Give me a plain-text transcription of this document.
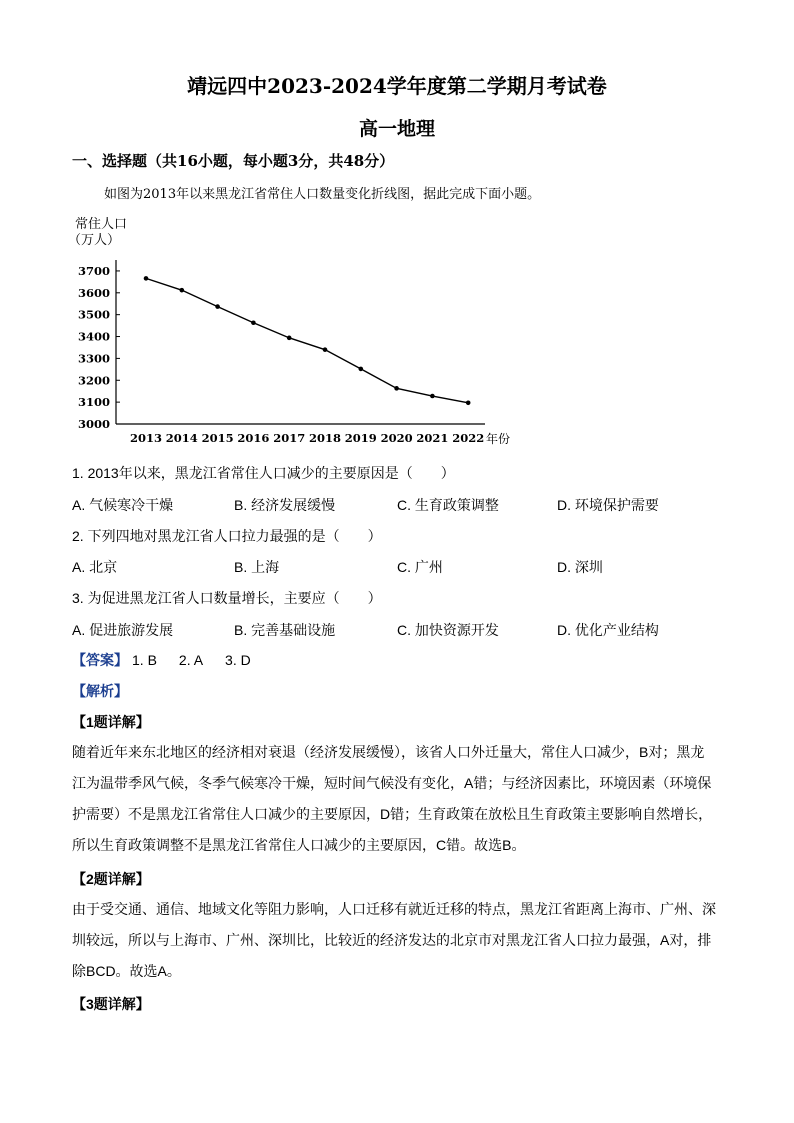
靖远四中2023-2024学年度第二学期月考试卷
高一地理
一、选择题（共16小题，每小题3分，共48分）
如图为2013年以来黑龙江省常住人口数量变化折线图，据此完成下面小题。
常住人口
（万人）
3000
3100
3200
3300
3400
3500
3600
3700
2013 2014 2015 2016 2017 2018 2019 2020 2021 2022 年份
1. 2013年以来，黑龙江省常住人口减少的主要原因是（　　）
A. 气候寒冷干燥	B. 经济发展缓慢	C. 生育政策调整	D. 环境保护需要
2. 下列四地对黑龙江省人口拉力最强的是（　　）
A. 北京	B. 上海	C. 广州	D. 深圳
3. 为促进黑龙江省人口数量增长，主要应（　　）
A. 促进旅游发展	B. 完善基础设施	C. 加快资源开发	D. 优化产业结构
【答案】 1. B 2. A 3. D
【解析】
【1题详解】
随着近年来东北地区的经济相对衰退（经济发展缓慢），该省人口外迁量大，常住人口减少，B对；黑龙
江为温带季风气候，冬季气候寒冷干燥，短时间气候没有变化，A错；与经济因素比，环境因素（环境保
护需要）不是黑龙江省常住人口减少的主要原因，D错；生育政策在放松且生育政策主要影响自然增长，
所以生育政策调整不是黑龙江省常住人口减少的主要原因，C错。故选B。
【2题详解】
由于受交通、通信、地域文化等阻力影响，人口迁移有就近迁移的特点，黑龙江省距离上海市、广州、深
圳较远，所以与上海市、广州、深圳比，比较近的经济发达的北京市对黑龙江省人口拉力最强，A对，排
除BCD。故选A。
【3题详解】
